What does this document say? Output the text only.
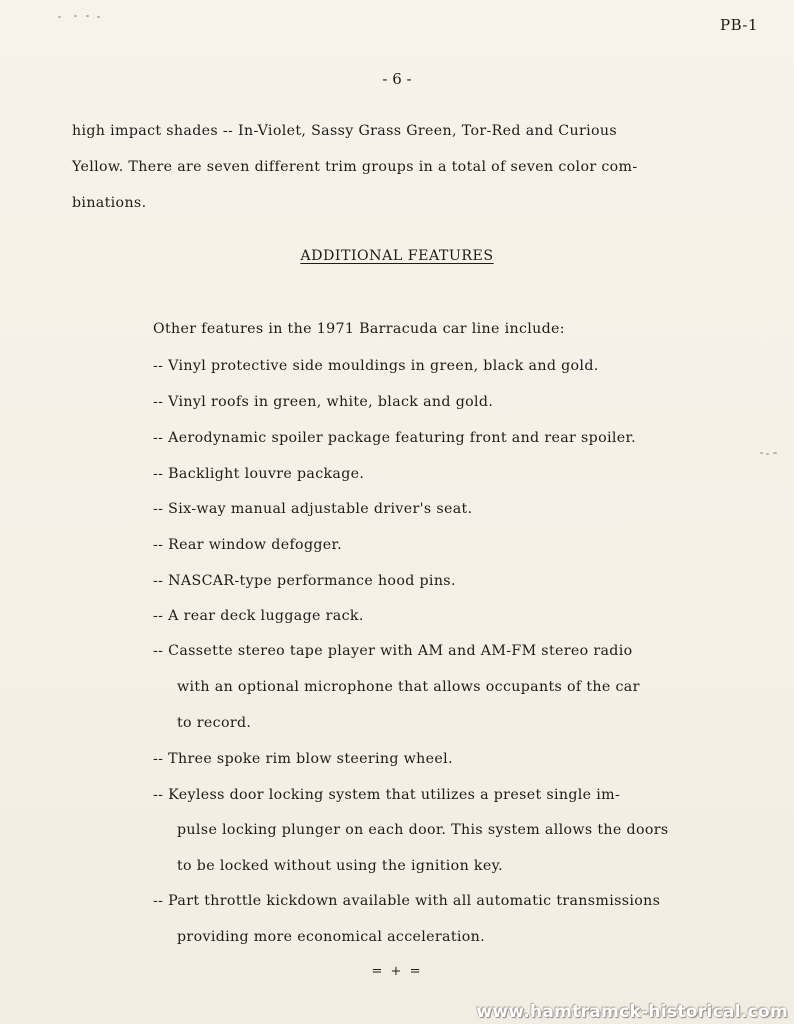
PB-1
- 6 -
high impact shades -- In-Violet, Sassy Grass Green, Tor-Red and Curious
Yellow. There are seven different trim groups in a total of seven color com-
binations.
ADDITIONAL FEATURES
Other features in the 1971 Barracuda car line include:
-- Vinyl protective side mouldings in green, black and gold.
-- Vinyl roofs in green, white, black and gold.
-- Aerodynamic spoiler package featuring front and rear spoiler.
-- Backlight louvre package.
-- Six-way manual adjustable driver's seat.
-- Rear window defogger.
-- NASCAR-type performance hood pins.
-- A rear deck luggage rack.
-- Cassette stereo tape player with AM and AM-FM stereo radio
with an optional microphone that allows occupants of the car
to record.
-- Three spoke rim blow steering wheel.
-- Keyless door locking system that utilizes a preset single im-
pulse locking plunger on each door. This system allows the doors
to be locked without using the ignition key.
-- Part throttle kickdown available with all automatic transmissions
providing more economical acceleration.
= + =
www.hamtramck-historical.com
